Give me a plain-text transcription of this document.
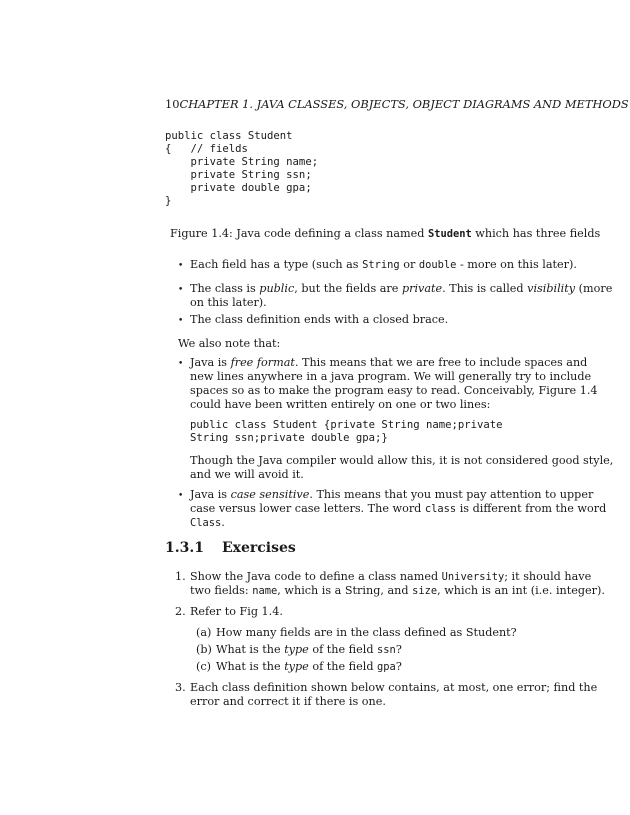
10CHAPTER 1. JAVA CLASSES, OBJECTS, OBJECT DIAGRAMS AND METHODS
public class Student
{   // fields
private String name;
private String ssn;
private double gpa;
}
Figure 1.4: Java code defining a class named Student which has three fields
• Each field has a type (such as String or double - more on this later).
• The class is public, but the fields are private. This is called visibility (more
on this later).
• The class definition ends with a closed brace.
We also note that:
• Java is free format. This means that we are free to include spaces and
new lines anywhere in a java program. We will generally try to include
spaces so as to make the program easy to read. Conceivably, Figure 1.4
could have been written entirely on one or two lines:
public class Student {private String name;private
String ssn;private double gpa;}
Though the Java compiler would allow this, it is not considered good style,
and we will avoid it.
• Java is case sensitive. This means that you must pay attention to upper
case versus lower case letters. The word class is different from the word
Class.
1.3.1 Exercises
1. Show the Java code to define a class named University; it should have
two fields: name, which is a String, and size, which is an int (i.e. integer).
2. Refer to Fig 1.4.
(a) How many fields are in the class defined as Student?
(b) What is the type of the field ssn?
(c) What is the type of the field gpa?
3. Each class definition shown below contains, at most, one error; find the
error and correct it if there is one.
